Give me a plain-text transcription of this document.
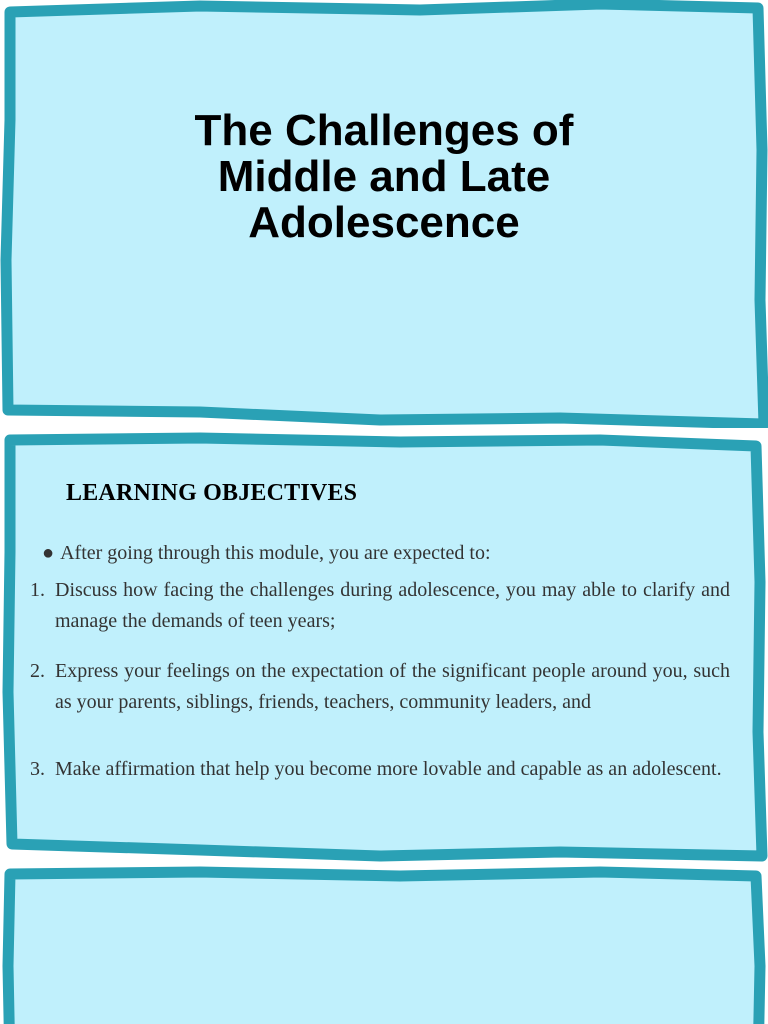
The Challenges of
Middle and Late
Adolescence
LEARNING OBJECTIVES
● After going through this module, you are expected to:
1. Discuss how facing the challenges during adolescence, you may able to clarify and manage the demands of teen years;
2. Express your feelings on the expectation of the significant people around you, such as your parents, siblings, friends, teachers, community leaders, and
3. Make affirmation that help you become more lovable and capable as an adolescent.
